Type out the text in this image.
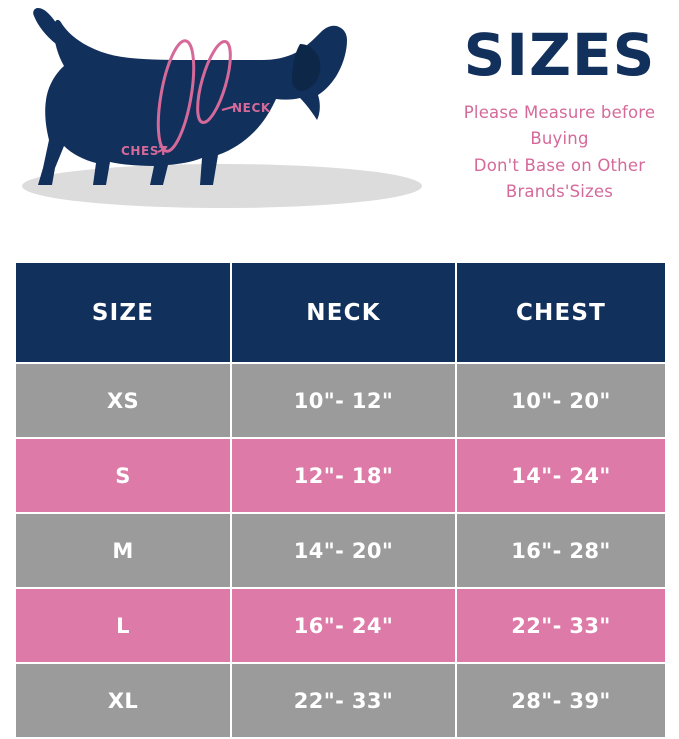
NECK
CHEST
SIZES
Please Measure before Buying
Don't Base on Other Brands'Sizes
SIZE	NECK	CHEST
XS	10"- 12"	10"- 20"
S	12"- 18"	14"- 24"
M	14"- 20"	16"- 28"
L	16"- 24"	22"- 33"
XL	22"- 33"	28"- 39"
